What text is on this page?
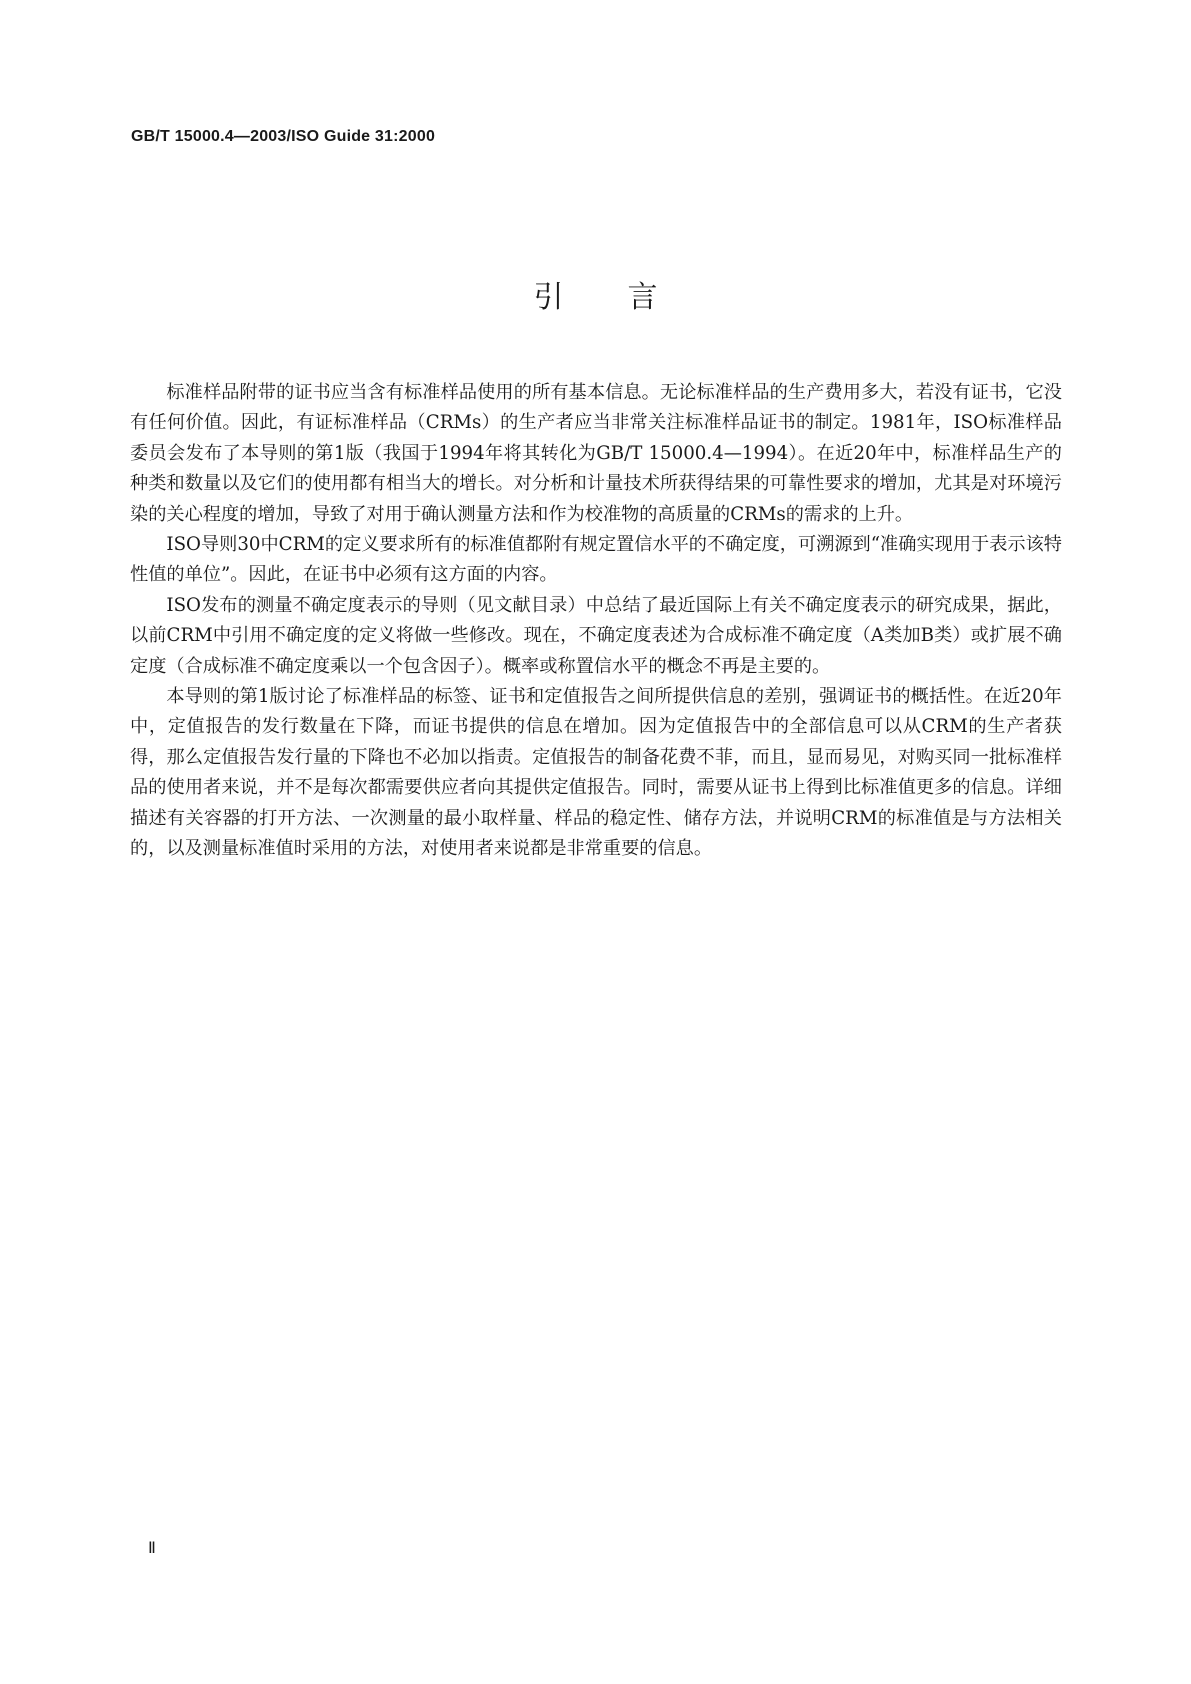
GB/T 15000.4—2003/ISO Guide 31:2000
引言

标准样品附带的证书应当含有标准样品使用的所有基本信息。无论标准样品的生产费用多大，若没有证书，它没有任何价值。因此，有证标准样品（CRMs）的生产者应当非常关注标准样品证书的制定。1981年，ISO标准样品委员会发布了本导则的第1版（我国于1994年将其转化为GB/T 15000.4—1994）。在近20年中，标准样品生产的种类和数量以及它们的使用都有相当大的增长。对分析和计量技术所获得结果的可靠性要求的增加，尤其是对环境污染的关心程度的增加，导致了对用于确认测量方法和作为校准物的高质量的CRMs的需求的上升。

ISO导则30中CRM的定义要求所有的标准值都附有规定置信水平的不确定度，可溯源到“准确实现用于表示该特性值的单位”。因此，在证书中必须有这方面的内容。

ISO发布的测量不确定度表示的导则（见文献目录）中总结了最近国际上有关不确定度表示的研究成果，据此，以前CRM中引用不确定度的定义将做一些修改。现在，不确定度表述为合成标准不确定度（A类加B类）或扩展不确定度（合成标准不确定度乘以一个包含因子）。概率或称置信水平的概念不再是主要的。

本导则的第1版讨论了标准样品的标签、证书和定值报告之间所提供信息的差别，强调证书的概括性。在近20年中，定值报告的发行数量在下降，而证书提供的信息在增加。因为定值报告中的全部信息可以从CRM的生产者获得，那么定值报告发行量的下降也不必加以指责。定值报告的制备花费不菲，而且，显而易见，对购买同一批标准样品的使用者来说，并不是每次都需要供应者向其提供定值报告。同时，需要从证书上得到比标准值更多的信息。详细描述有关容器的打开方法、一次测量的最小取样量、样品的稳定性、储存方法，并说明CRM的标准值是与方法相关的，以及测量标准值时采用的方法，对使用者来说都是非常重要的信息。

Ⅱ
